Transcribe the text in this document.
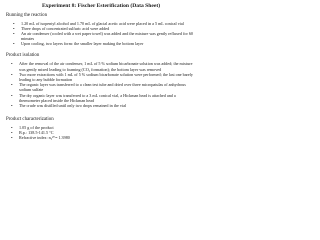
Experiment 8: Fischer Esterification (Data Sheet)
Running the reaction
• 1.20 mL of isopentyl alcohol and 1.70 mL of glacial acetic acid were placed in a 5 mL conical vial
• Three drops of concentrated sulfuric acid were added
• An air condenser (cooled with a wet paper towel) was added and the mixture was gently refluxed for 60 minutes
• Upon cooling, two layers form: the smaller layer making the bottom layer
Product isolation
• After the removal of the air condenser, 1 mL of 5 % sodium bicarbonate solution was added; the mixture was gently mixed leading to foaming (CO₂ formation); the bottom layer was removed
• Two more extractions with 1 mL of 5 % sodium bicarbonate solution were performed; the last one barely leading to any bubble formation
• The organic layer was transferred to a clean test tube and dried over three micropatulas of anhydrous sodium sulfate
• The dry organic layer was transferred to a 3 mL conical vial, a Hickman head is attached and a thermometer placed inside the Hickman head
• The crude was distilled until only two drops remained in the vial
Product characterization
• 1.05 g of the product
• B.p.: 138.5-141.5 °C
• Refractive index: n₂²⁰= 1.3980
